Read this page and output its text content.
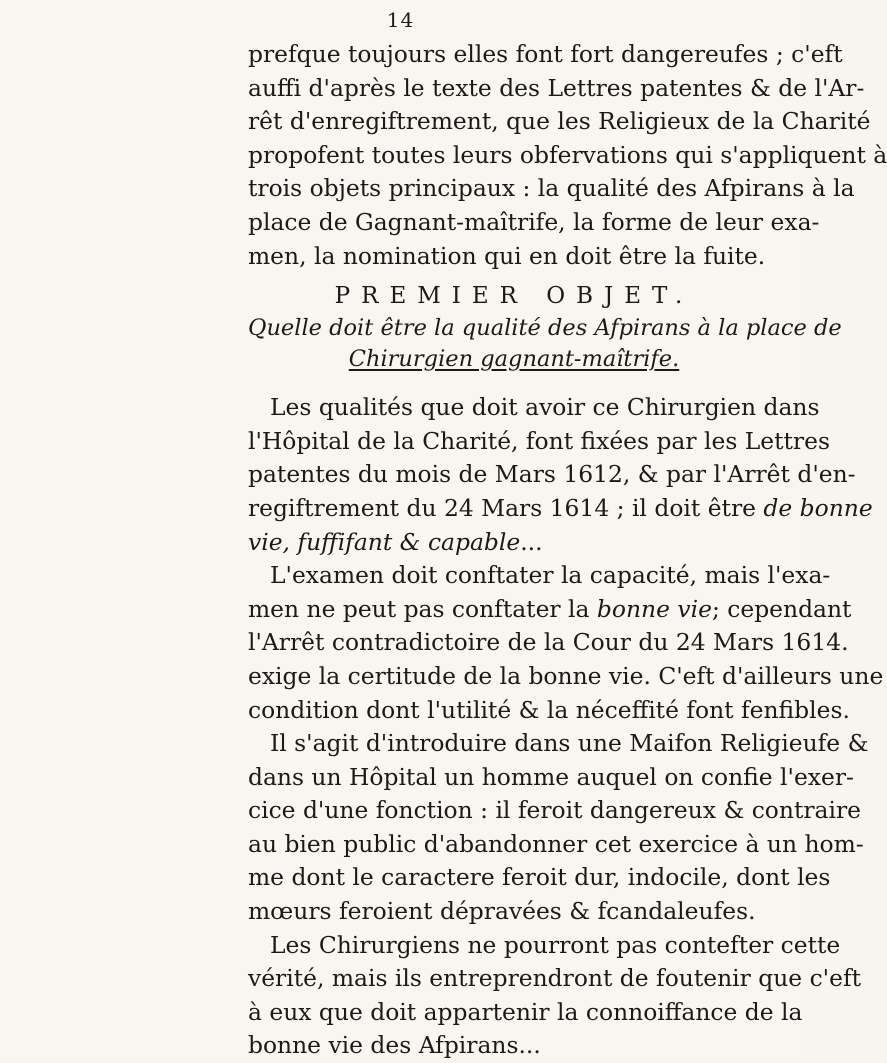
14
prefque toujours elles font fort dangereufes ; c'eft
auffi d'après le texte des Lettres patentes & de l'Ar-
rêt d'enregiftrement, que les Religieux de la Charité
propofent toutes leurs obfervations qui s'appliquent à
trois objets principaux : la qualité des Afpirans à la
place de Gagnant-maîtrife, la forme de leur exa-
men, la nomination qui en doit être la fuite.
PREMIER OBJET.
Quelle doit être la qualité des Afpirans à la place de
Chirurgien gagnant-maîtrife.
Les qualités que doit avoir ce Chirurgien dans
l'Hôpital de la Charité, font fixées par les Lettres
patentes du mois de Mars 1612, & par l'Arrêt d'en-
regiftrement du 24 Mars 1614 ; il doit être de bonne
vie, fuffifant & capable...
L'examen doit conftater la capacité, mais l'exa-
men ne peut pas conftater la bonne vie; cependant
l'Arrêt contradictoire de la Cour du 24 Mars 1614.
exige la certitude de la bonne vie. C'eft d'ailleurs une
condition dont l'utilité & la néceffité font fenfibles.
Il s'agit d'introduire dans une Maifon Religieufe &
dans un Hôpital un homme auquel on confie l'exer-
cice d'une fonction : il feroit dangereux & contraire
au bien public d'abandonner cet exercice à un hom-
me dont le caractere feroit dur, indocile, dont les
mœurs feroient dépravées & fcandaleufes.
Les Chirurgiens ne pourront pas contefter cette
vérité, mais ils entreprendront de foutenir que c'eft
à eux que doit appartenir la connoiffance de la
bonne vie des Afpirans...
